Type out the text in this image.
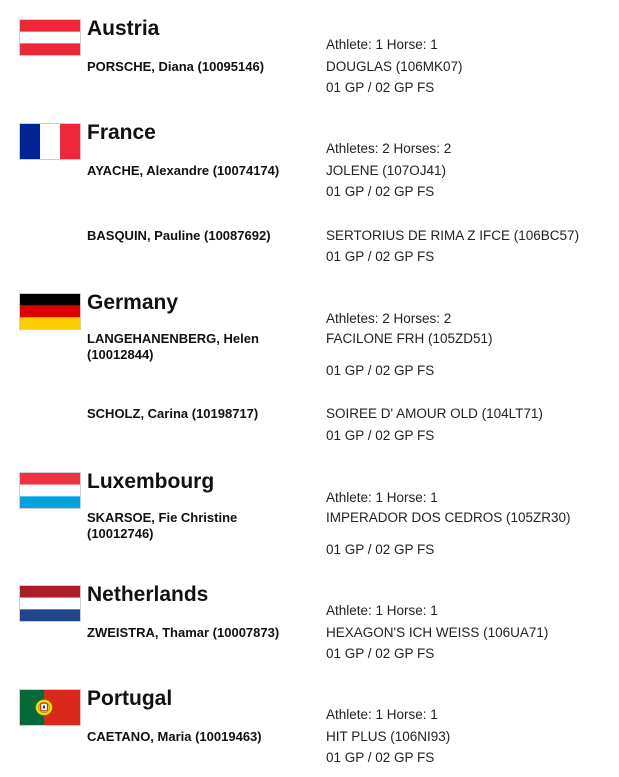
Austria
Athlete: 1 Horse: 1
PORSCHE, Diana (10095146)	DOUGLAS (106MK07)
01 GP / 02 GP FS
France
Athletes: 2 Horses: 2
AYACHE, Alexandre (10074174)	JOLENE (107OJ41)
01 GP / 02 GP FS
BASQUIN, Pauline (10087692)	SERTORIUS DE RIMA Z IFCE (106BC57)
01 GP / 02 GP FS
Germany
Athletes: 2 Horses: 2
LANGEHANENBERG, Helen (10012844)
FACILONE FRH (105ZD51)
01 GP / 02 GP FS
SCHOLZ, Carina (10198717)	SOIREE D' AMOUR OLD (104LT71)
01 GP / 02 GP FS
Luxembourg
Athlete: 1 Horse: 1
SKARSOE, Fie Christine (10012746)
IMPERADOR DOS CEDROS (105ZR30)
01 GP / 02 GP FS
Netherlands
Athlete: 1 Horse: 1
ZWEISTRA, Thamar (10007873)	HEXAGON'S ICH WEISS (106UA71)
01 GP / 02 GP FS
Portugal
Athlete: 1 Horse: 1
CAETANO, Maria (10019463)	HIT PLUS (106NI93)
01 GP / 02 GP FS
